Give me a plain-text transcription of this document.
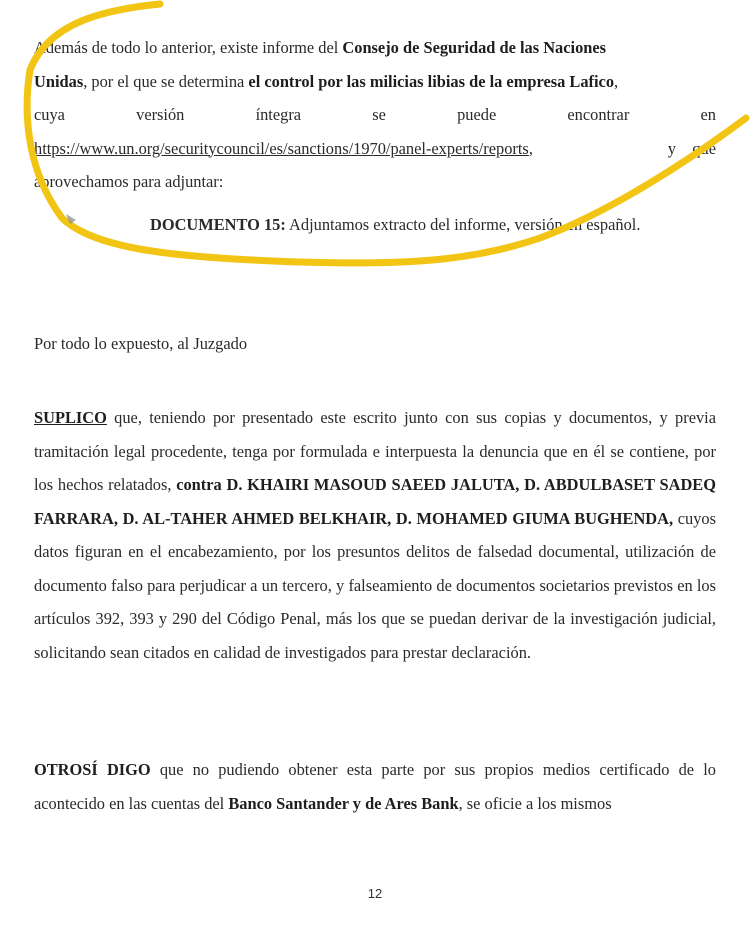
Además de todo lo anterior, existe informe del Consejo de Seguridad de las Naciones
Unidas, por el que se determina el control por las milicias libias de la empresa Lafico,
cuya	versión	íntegra	se	puede	encontrar	en
https://www.un.org/securitycouncil/es/sanctions/1970/panel-experts/reports,	y que
aprovechamos para adjuntar:
DOCUMENTO 15: Adjuntamos extracto del informe, versión en español.
Por todo lo expuesto, al Juzgado
SUPLICO que, teniendo por presentado este escrito junto con sus copias y documentos, y previa tramitación legal procedente, tenga por formulada e interpuesta la denuncia que en él se contiene, por los hechos relatados, contra D. KHAIRI MASOUD SAEED JALUTA, D. ABDULBASET SADEQ FARRARA, D. AL-TAHER AHMED BELKHAIR, D. MOHAMED GIUMA BUGHENDA, cuyos datos figuran en el encabezamiento, por los presuntos delitos de falsedad documental, utilización de documento falso para perjudicar a un tercero, y falseamiento de documentos societarios previstos en los artículos 392, 393 y 290 del Código Penal, más los que se puedan derivar de la investigación judicial, solicitando sean citados en calidad de investigados para prestar declaración.
OTROSÍ DIGO que no pudiendo obtener esta parte por sus propios medios certificado de lo acontecido en las cuentas del Banco Santander y de Ares Bank, se oficie a los mismos
12
